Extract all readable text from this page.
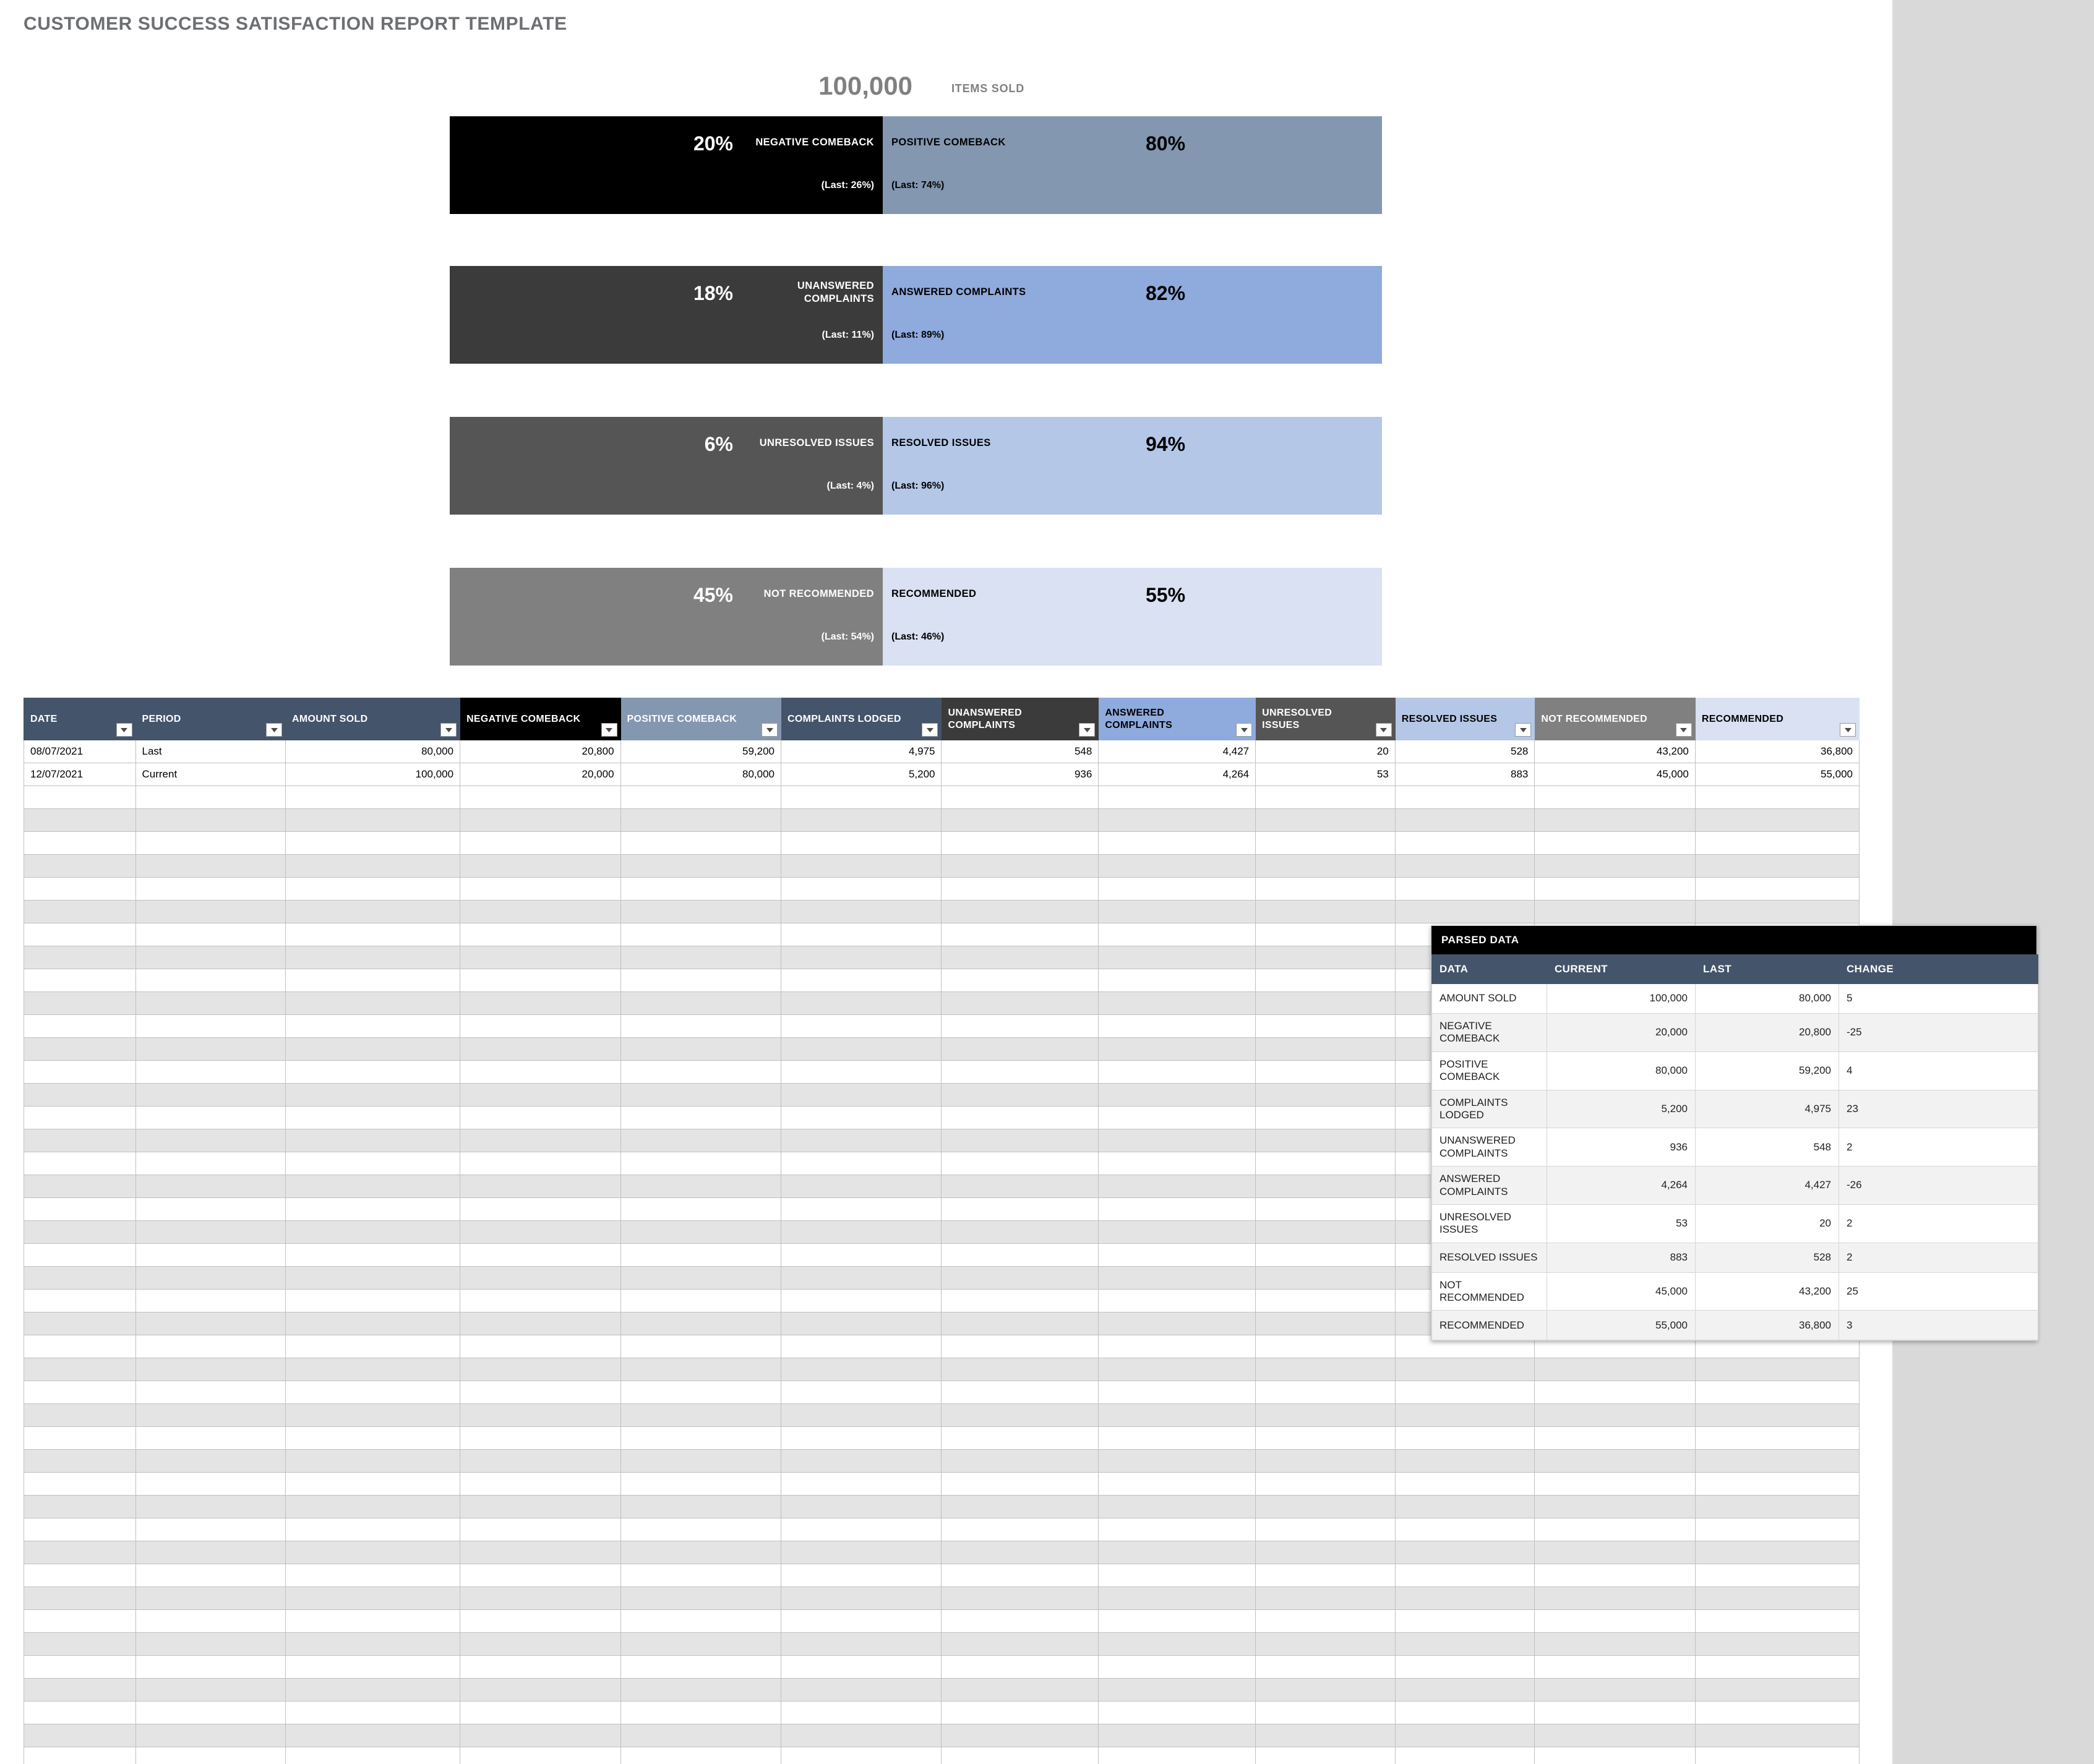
CUSTOMER SUCCESS SATISFACTION REPORT TEMPLATE
100,000	ITEMS SOLD
20%	NEGATIVE COMEBACK
(Last: 26%)
80%
POSITIVE COMEBACK
(Last: 74%)
18%	UNANSWERED COMPLAINTS
(Last: 11%)
82%
ANSWERED COMPLAINTS
(Last: 89%)
6%	UNRESOLVED ISSUES
(Last: 4%)
94%
RESOLVED ISSUES
(Last: 96%)
45%	NOT RECOMMENDED
(Last: 54%)
55%
RECOMMENDED
(Last: 46%)
DATE	PERIOD	AMOUNT SOLD	NEGATIVE COMEBACK	POSITIVE COMEBACK	COMPLAINTS LODGED	UNANSWERED COMPLAINTS	ANSWERED COMPLAINTS	UNRESOLVED ISSUES	RESOLVED ISSUES	NOT RECOMMENDED	RECOMMENDED

08/07/2021	Last	80,000	20,800	59,200	4,975	548	4,427	20	528	43,200	36,800
12/07/2021	Current	100,000	20,000	80,000	5,200	936	4,264	53	883	45,000	55,000

PARSED DATA
DATA	CURRENT	LAST	CHANGE
AMOUNT SOLD	100,000	80,000	5
NEGATIVE COMEBACK	20,000	20,800	-25
POSITIVE COMEBACK	80,000	59,200	4
COMPLAINTS LODGED	5,200	4,975	23
UNANSWERED COMPLAINTS	936	548	2
ANSWERED COMPLAINTS	4,264	4,427	-26
UNRESOLVED ISSUES	53	20	2
RESOLVED ISSUES	883	528	2
NOT RECOMMENDED	45,000	43,200	25
RECOMMENDED	55,000	36,800	3
